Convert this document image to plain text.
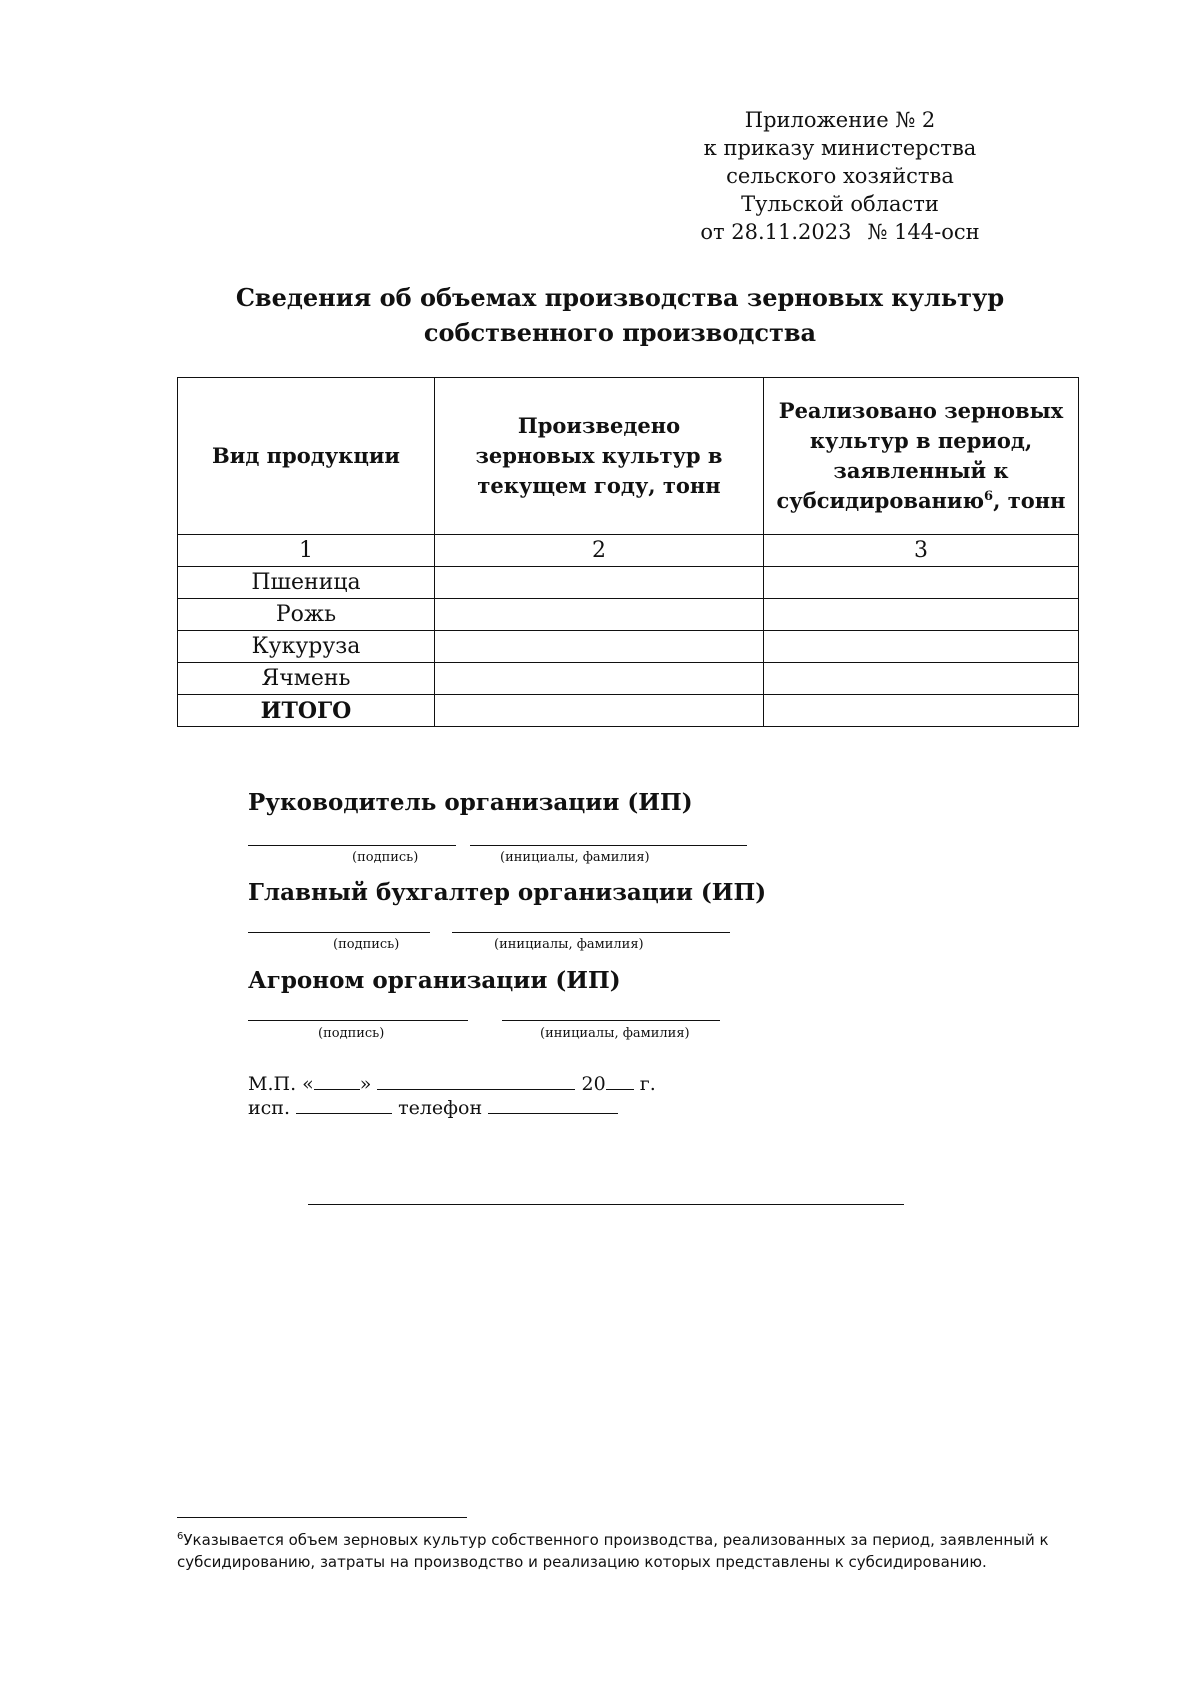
Приложение № 2
к приказу министерства
сельского хозяйства
Тульской области
от 28.11.2023 № 144-осн
Сведения об объемах производства зерновых культур
собственного производства
Вид продукции	Произведено зерновых культур в текущем году, тонн	Реализовано зерновых культур в период, заявленный к субсидированию$^6$, тонн
1	2	3
Пшеница		
Рожь		
Кукуруза		
Ячмень		
ИТОГО		
Руководитель организации (ИП)
(подпись)	(инициалы, фамилия)
Главный бухгалтер организации (ИП)
(подпись)	(инициалы, фамилия)
Агроном организации (ИП)
(подпись)	(инициалы, фамилия)
М.П. « »	20 г.
исп.	телефон
$^6$Указывается объем зерновых культур собственного производства, реализованных за период, заявленный к субсидированию, затраты на производство и реализацию которых представлены к субсидированию.
